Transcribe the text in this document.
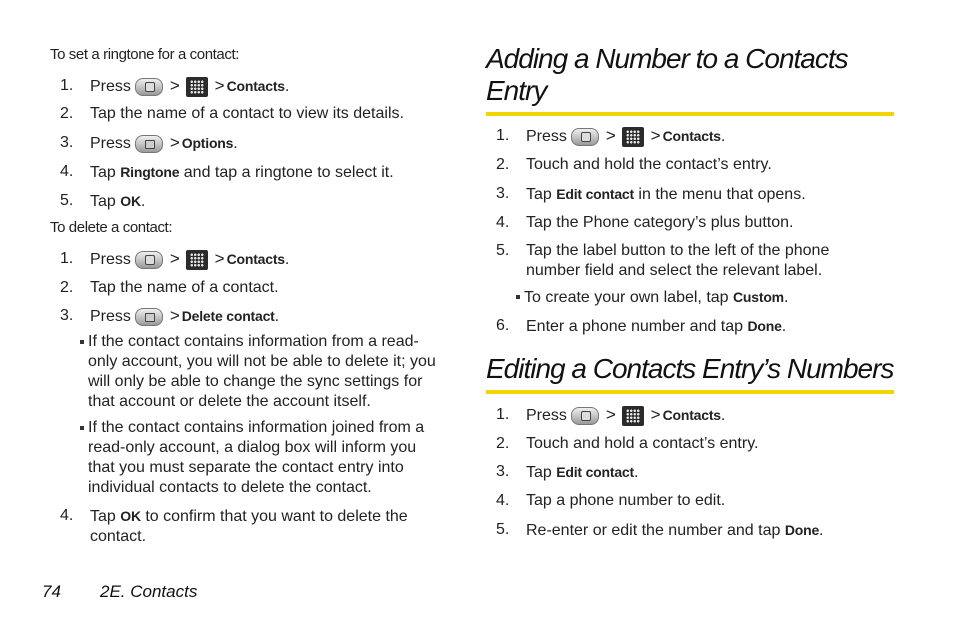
To set a ringtone for a contact:
1.	Press > > Contacts.
2.	Tap the name of a contact to view its details.
3.	Press > Options.
4.	Tap Ringtone and tap a ringtone to select it.
5.	Tap OK.
To delete a contact:
1.	Press > > Contacts.
2.	Tap the name of a contact.
3.	Press > Delete contact.
If the contact contains information from a read-
only account, you will not be able to delete it; you
will only be able to change the sync settings for
that account or delete the account itself.
If the contact contains information joined from a
read-only account, a dialog box will inform you
that you must separate the contact entry into
individual contacts to delete the contact.
4.	Tap OK to confirm that you want to delete the contact.
Adding a Number to a Contacts
Entry
1.	Press > > Contacts.
2.	Touch and hold the contact’s entry.
3.	Tap Edit contact in the menu that opens.
4.	Tap the Phone category’s plus button.
5.	Tap the label button to the left of the phone
number field and select the relevant label.
To create your own label, tap Custom.
6.	Enter a phone number and tap Done.
Editing a Contacts Entry’s Numbers
1.	Press > > Contacts.
2.	Touch and hold a contact’s entry.
3.	Tap Edit contact.
4.	Tap a phone number to edit.
5.	Re-enter or edit the number and tap Done.
74 2E. Contacts
